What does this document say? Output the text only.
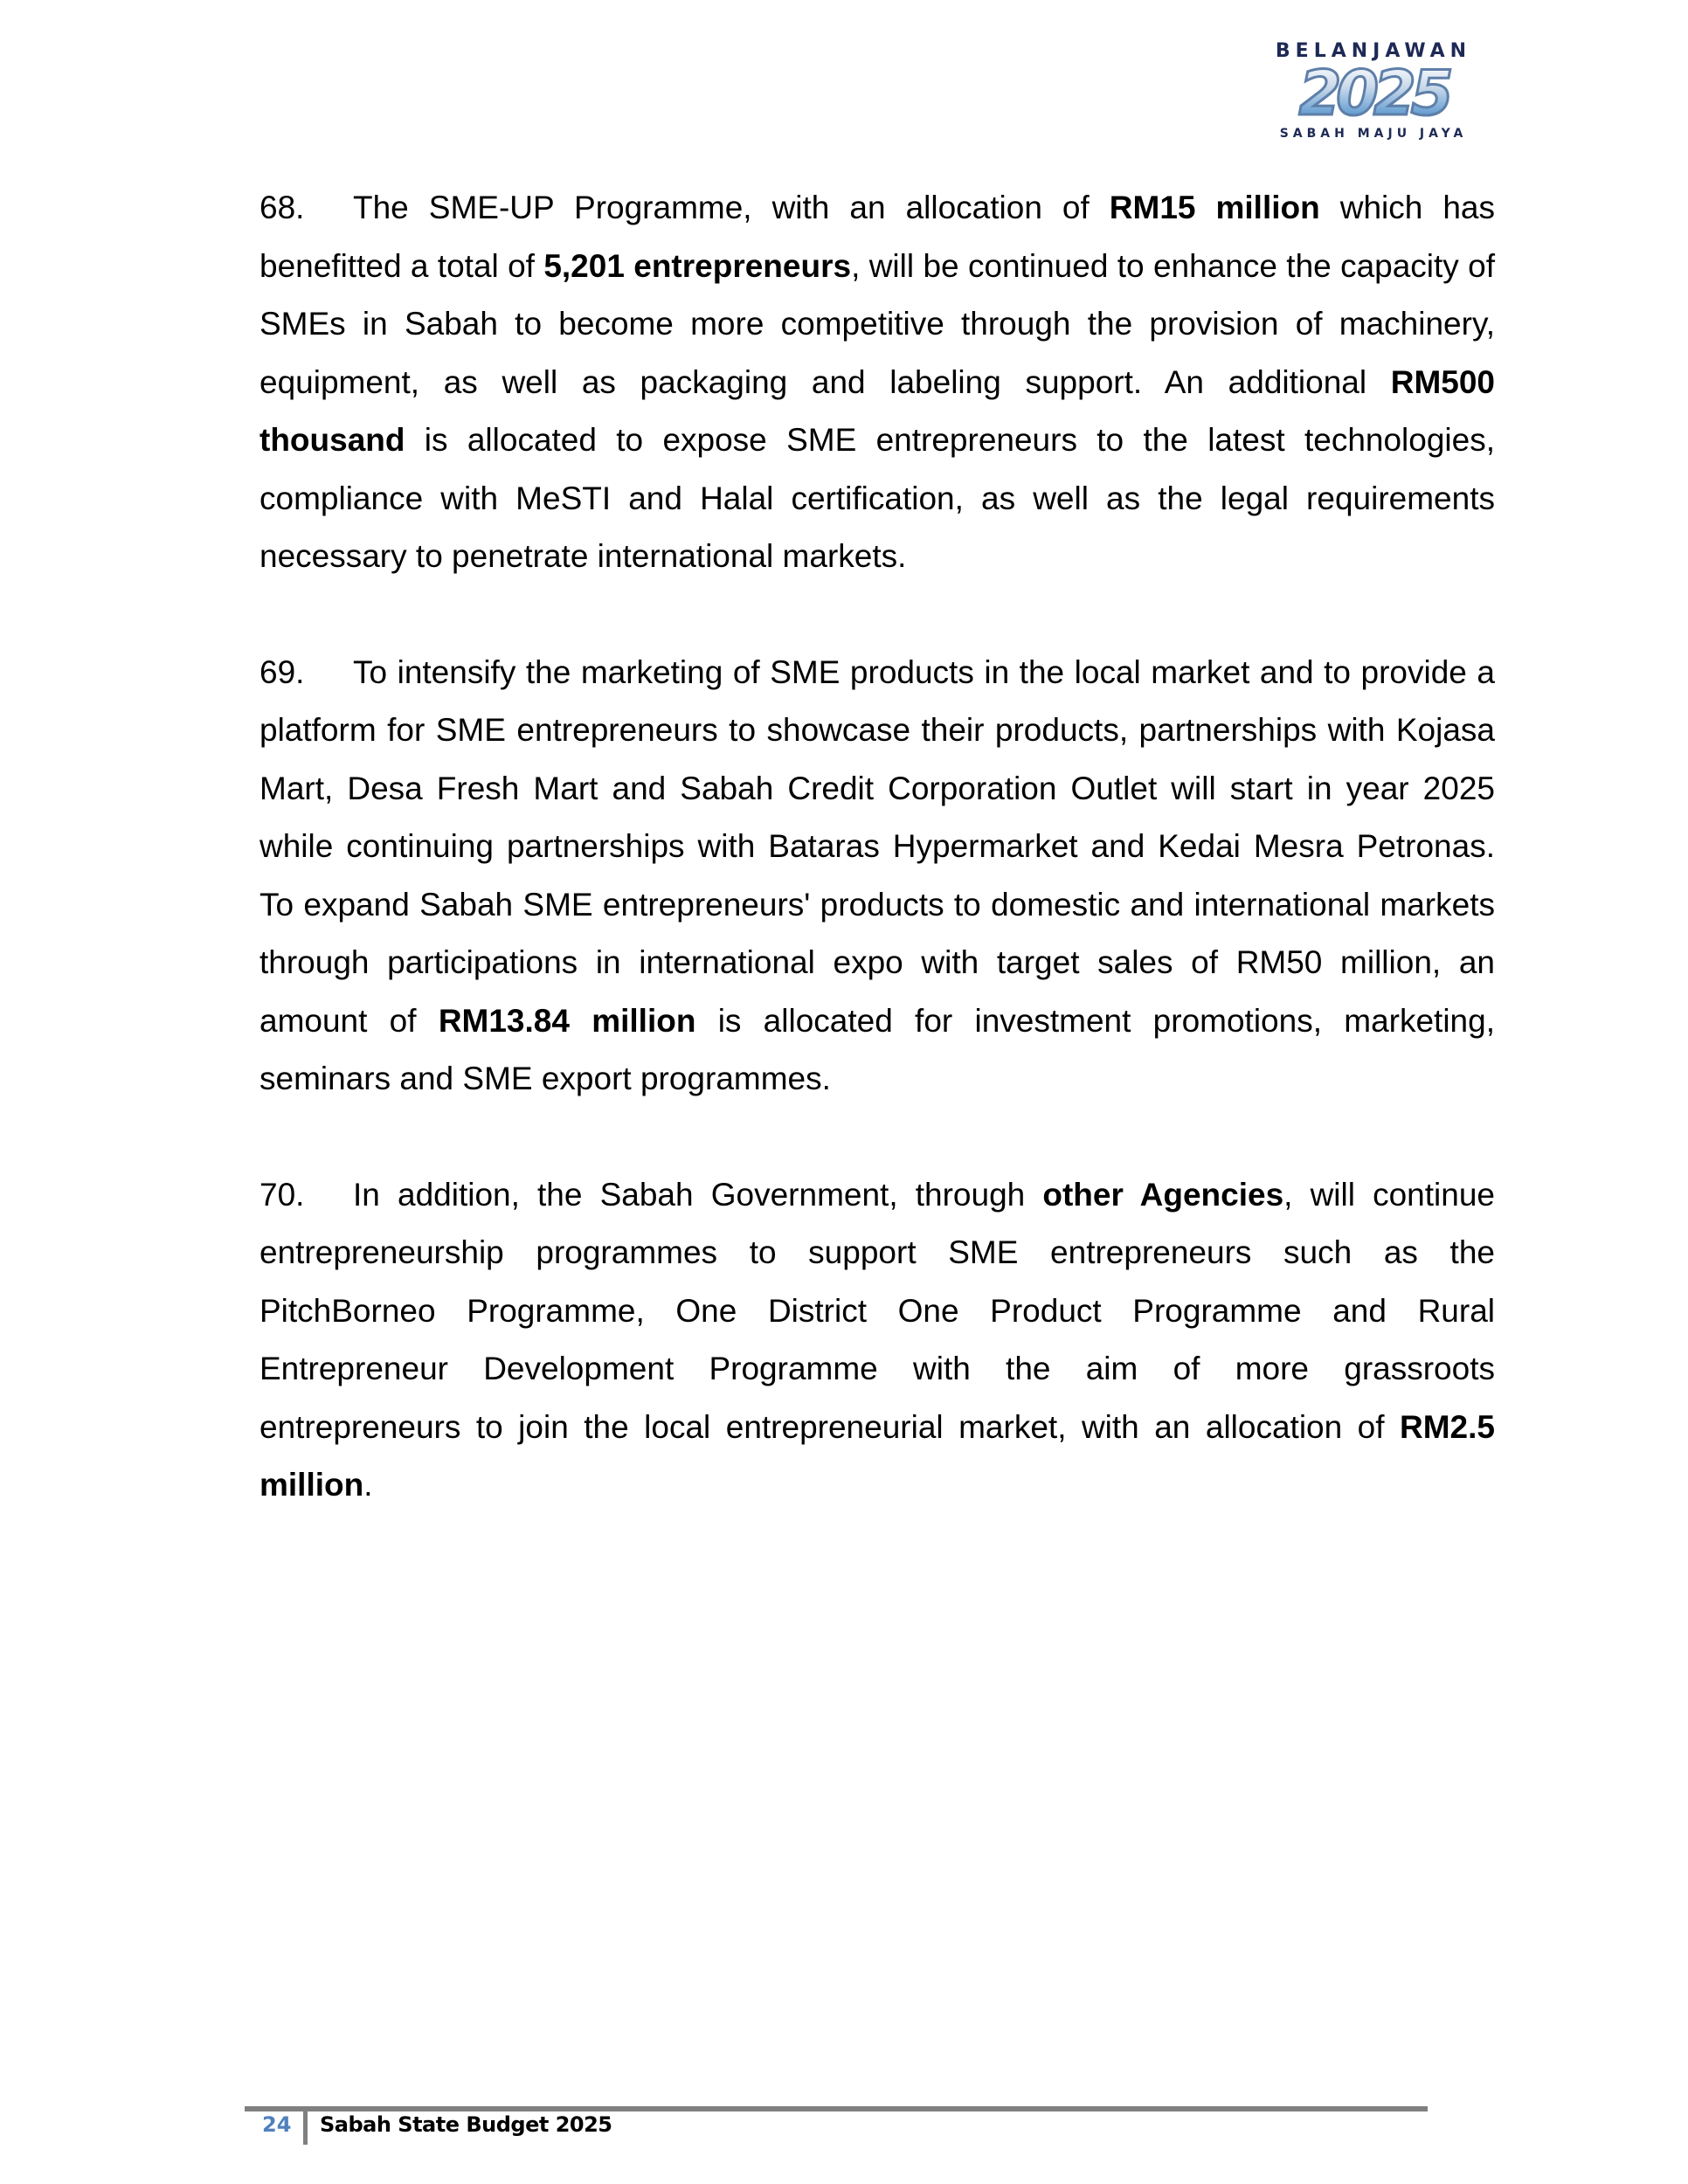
BELANJAWAN
2025
SABAH MAJU JAYA

68. The SME-UP Programme, with an allocation of RM15 million which has benefitted a total of 5,201 entrepreneurs, will be continued to enhance the capacity of SMEs in Sabah to become more competitive through the provision of machinery, equipment, as well as packaging and labeling support. An additional RM500 thousand is allocated to expose SME entrepreneurs to the latest technologies, compliance with MeSTI and Halal certification, as well as the legal requirements necessary to penetrate international markets.

69. To intensify the marketing of SME products in the local market and to provide a platform for SME entrepreneurs to showcase their products, partnerships with Kojasa Mart, Desa Fresh Mart and Sabah Credit Corporation Outlet will start in year 2025 while continuing partnerships with Bataras Hypermarket and Kedai Mesra Petronas. To expand Sabah SME entrepreneurs' products to domestic and international markets through participations in international expo with target sales of RM50 million, an amount of RM13.84 million is allocated for investment promotions, marketing, seminars and SME export programmes.

70. In addition, the Sabah Government, through other Agencies, will continue entrepreneurship programmes to support SME entrepreneurs such as the PitchBorneo Programme, One District One Product Programme and Rural Entrepreneur Development Programme with the aim of more grassroots entrepreneurs to join the local entrepreneurial market, with an allocation of RM2.5 million.

24 Sabah State Budget 2025
